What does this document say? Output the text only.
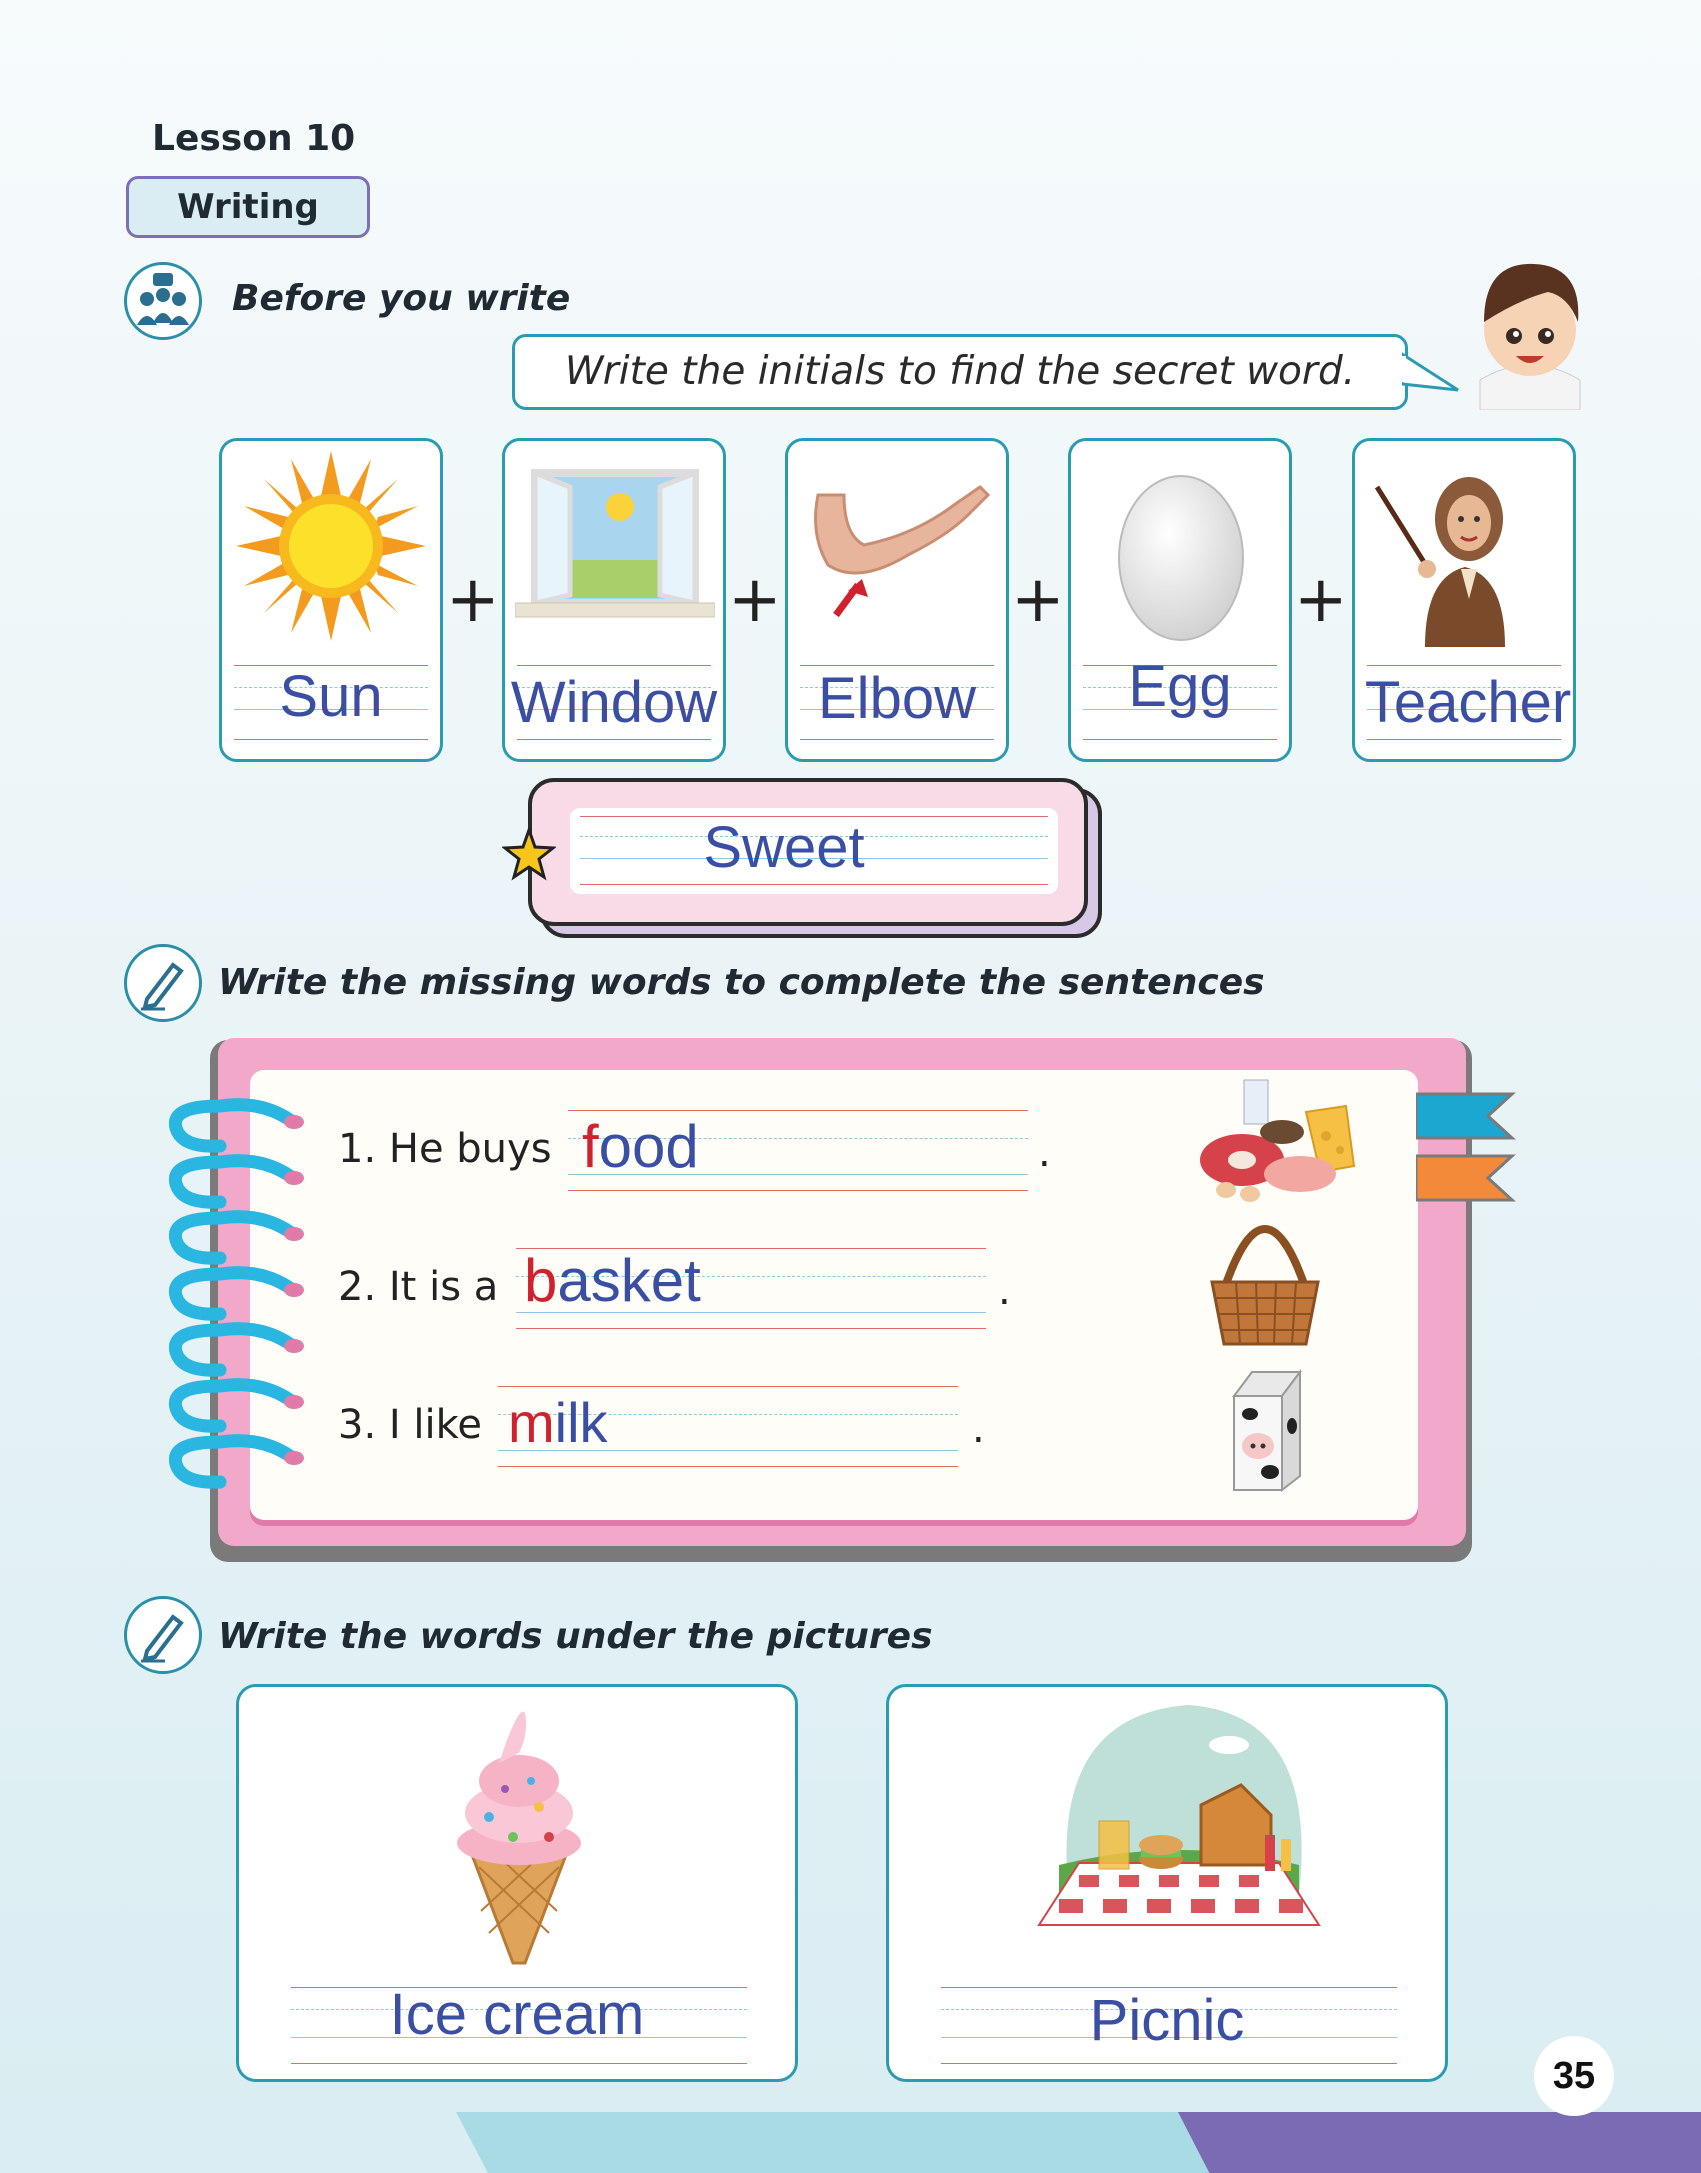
Lesson 10
Writing
Before you write
Write the initials to find the secret word.
Sun
+
Window
+
Elbow
+
Egg
+
Teacher
Sweet
Write the missing words to complete the sentences
1. He buys food	.
2. It is a basket	.
3. I like milk	.
Write the words under the pictures
Ice cream	Picnic
35
